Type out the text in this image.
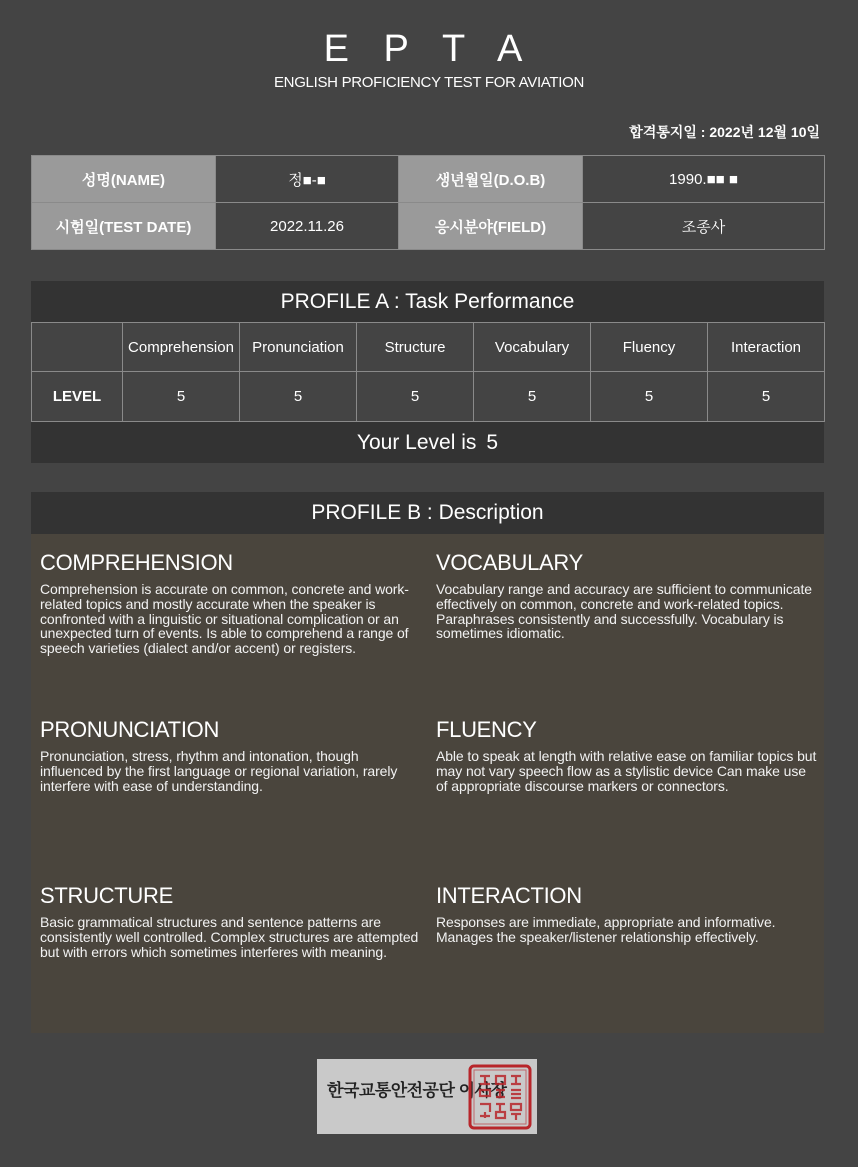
E P T A
ENGLISH PROFICIENCY TEST FOR AVIATION
합격통지일 : 2022년 12월 10일
성명(NAME)	정■-■	생년월일(D.O.B)	1990.■■ ■
시험일(TEST DATE)	2022.11.26	응시분야(FIELD)	조종사
PROFILE A : Task Performance
	Comprehension	Pronunciation	Structure	Vocabulary	Fluency	Interaction
LEVEL	5	5	5	5	5	5
Your Level is 5
PROFILE B : Description
COMPREHENSION

Comprehension is accurate on common, concrete and work-related topics and mostly accurate when the speaker is confronted with a linguistic or situational complication or an unexpected turn of events. Is able to comprehend a range of speech varieties (dialect and/or accent) or registers.

VOCABULARY

Vocabulary range and accuracy are sufficient to communicate effectively on common, concrete and work-related topics. Paraphrases consistently and successfully. Vocabulary is sometimes idiomatic.

PRONUNCIATION

Pronunciation, stress, rhythm and intonation, though influenced by the first language or regional variation, rarely interfere with ease of understanding.

FLUENCY

Able to speak at length with relative ease on familiar topics but may not vary speech flow as a stylistic device Can make use of appropriate discourse markers or connectors.

STRUCTURE

Basic grammatical structures and sentence patterns are consistently well controlled. Complex structures are attempted but with errors which sometimes interferes with meaning.

INTERACTION

Responses are immediate, appropriate and informative. Manages the speaker/listener relationship effectively.

한국교통안전공단 이사장
